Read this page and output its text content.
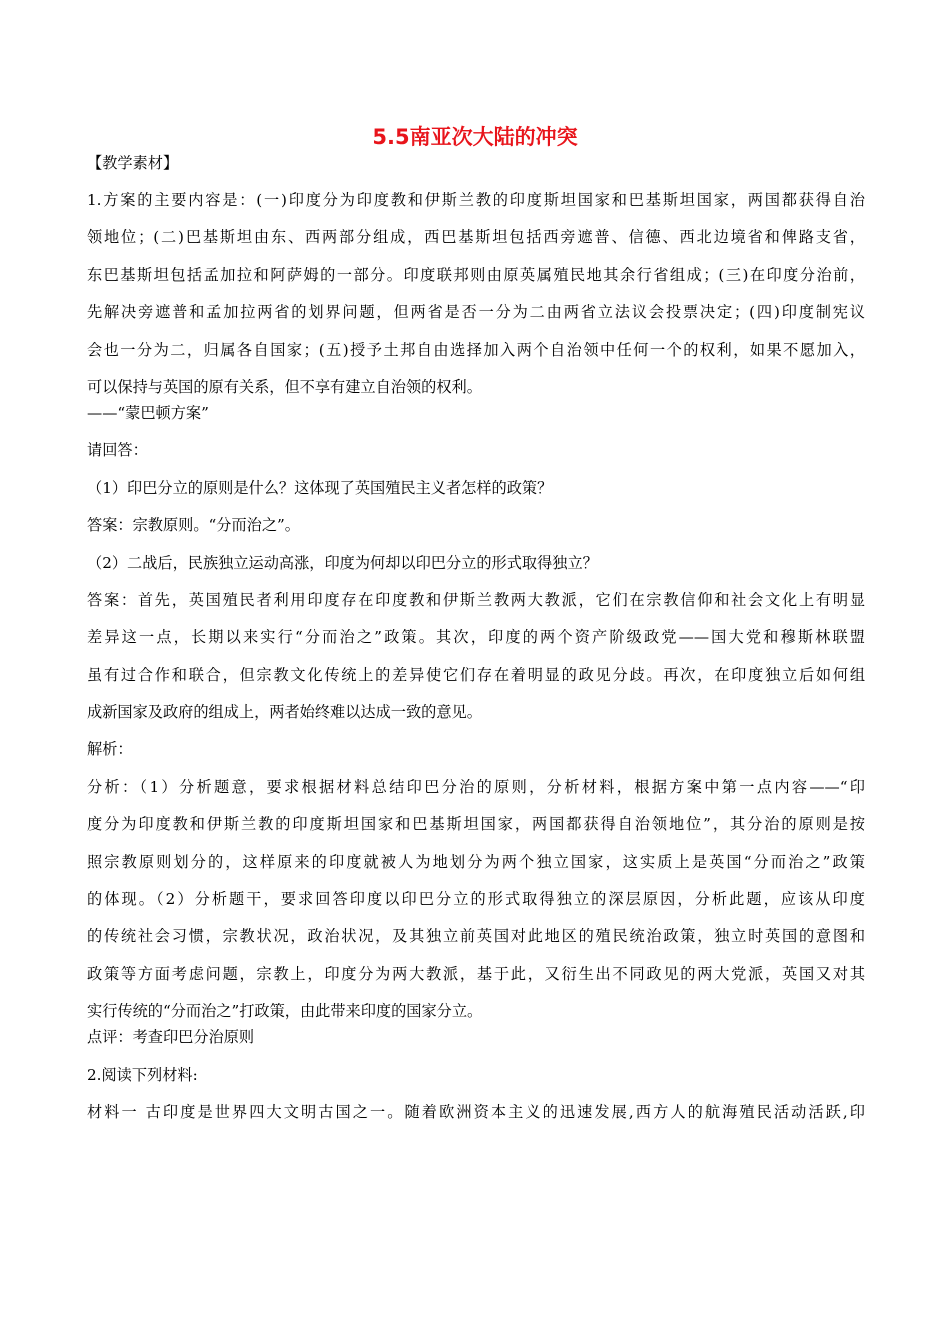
5.5南亚次大陆的冲突
【教学素材】
1.方案的主要内容是：(一)印度分为印度教和伊斯兰教的印度斯坦国家和巴基斯坦国家，两国都获得自治
领地位；(二)巴基斯坦由东、西两部分组成，西巴基斯坦包括西旁遮普、信德、西北边境省和俾路支省，
东巴基斯坦包括孟加拉和阿萨姆的一部分。印度联邦则由原英属殖民地其余行省组成；(三)在印度分治前，
先解决旁遮普和孟加拉两省的划界问题，但两省是否一分为二由两省立法议会投票决定；(四)印度制宪议
会也一分为二，归属各自国家；(五)授予土邦自由选择加入两个自治领中任何一个的权利，如果不愿加入，
可以保持与英国的原有关系，但不享有建立自治领的权利。
——“蒙巴顿方案”
请回答：
（1）印巴分立的原则是什么？这体现了英国殖民主义者怎样的政策？
答案：宗教原则。“分而治之”。
（2）二战后，民族独立运动高涨，印度为何却以印巴分立的形式取得独立？
答案：首先，英国殖民者利用印度存在印度教和伊斯兰教两大教派，它们在宗教信仰和社会文化上有明显
差异这一点，长期以来实行“分而治之”政策。其次，印度的两个资产阶级政党——国大党和穆斯林联盟
虽有过合作和联合，但宗教文化传统上的差异使它们存在着明显的政见分歧。再次，在印度独立后如何组
成新国家及政府的组成上，两者始终难以达成一致的意见。
解析：
分析：（1）分析题意，要求根据材料总结印巴分治的原则，分析材料，根据方案中第一点内容——“印
度分为印度教和伊斯兰教的印度斯坦国家和巴基斯坦国家，两国都获得自治领地位”，其分治的原则是按
照宗教原则划分的，这样原来的印度就被人为地划分为两个独立国家，这实质上是英国“分而治之”政策
的体现。（2）分析题干，要求回答印度以印巴分立的形式取得独立的深层原因，分析此题，应该从印度
的传统社会习惯，宗教状况，政治状况，及其独立前英国对此地区的殖民统治政策，独立时英国的意图和
政策等方面考虑问题，宗教上，印度分为两大教派，基于此，又衍生出不同政见的两大党派，英国又对其
实行传统的“分而治之”打政策，由此带来印度的国家分立。
点评：考查印巴分治原则
2.阅读下列材料:
材料一 古印度是世界四大文明古国之一。随着欧洲资本主义的迅速发展,西方人的航海殖民活动活跃,印
